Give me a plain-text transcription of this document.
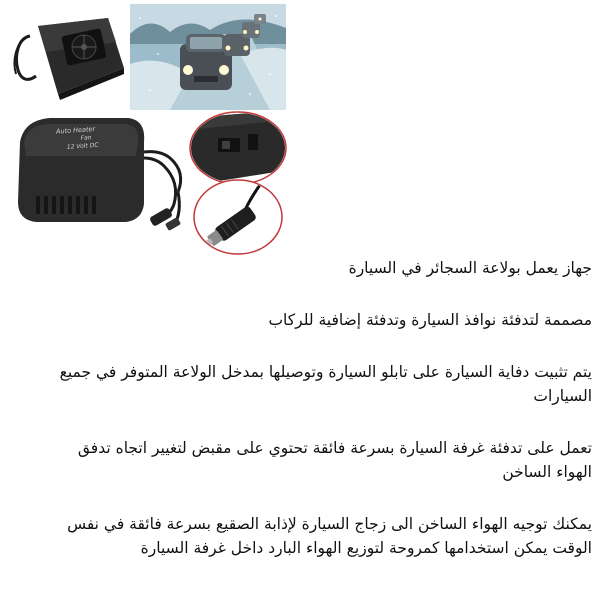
Auto Heater
Fan
12 Volt DC

جهاز يعمل بولاعة السجائر في السيارة

مصممة لتدفئة نوافذ السيارة وتدفئة إضافية للركاب

يتم تثبيت دفاية السيارة على تابلو السيارة وتوصيلها بمدخل الولاعة المتوفر في جميع السيارات

تعمل على تدفئة غرفة السيارة بسرعة فائقة تحتوي على مقبض لتغيير اتجاه تدفق الهواء الساخن

يمكنك توجيه الهواء الساخن الى زجاج السيارة لإذابة الصقيع بسرعة فائقة في نفس الوقت يمكن استخدامها كمروحة لتوزيع الهواء البارد داخل غرفة السيارة
